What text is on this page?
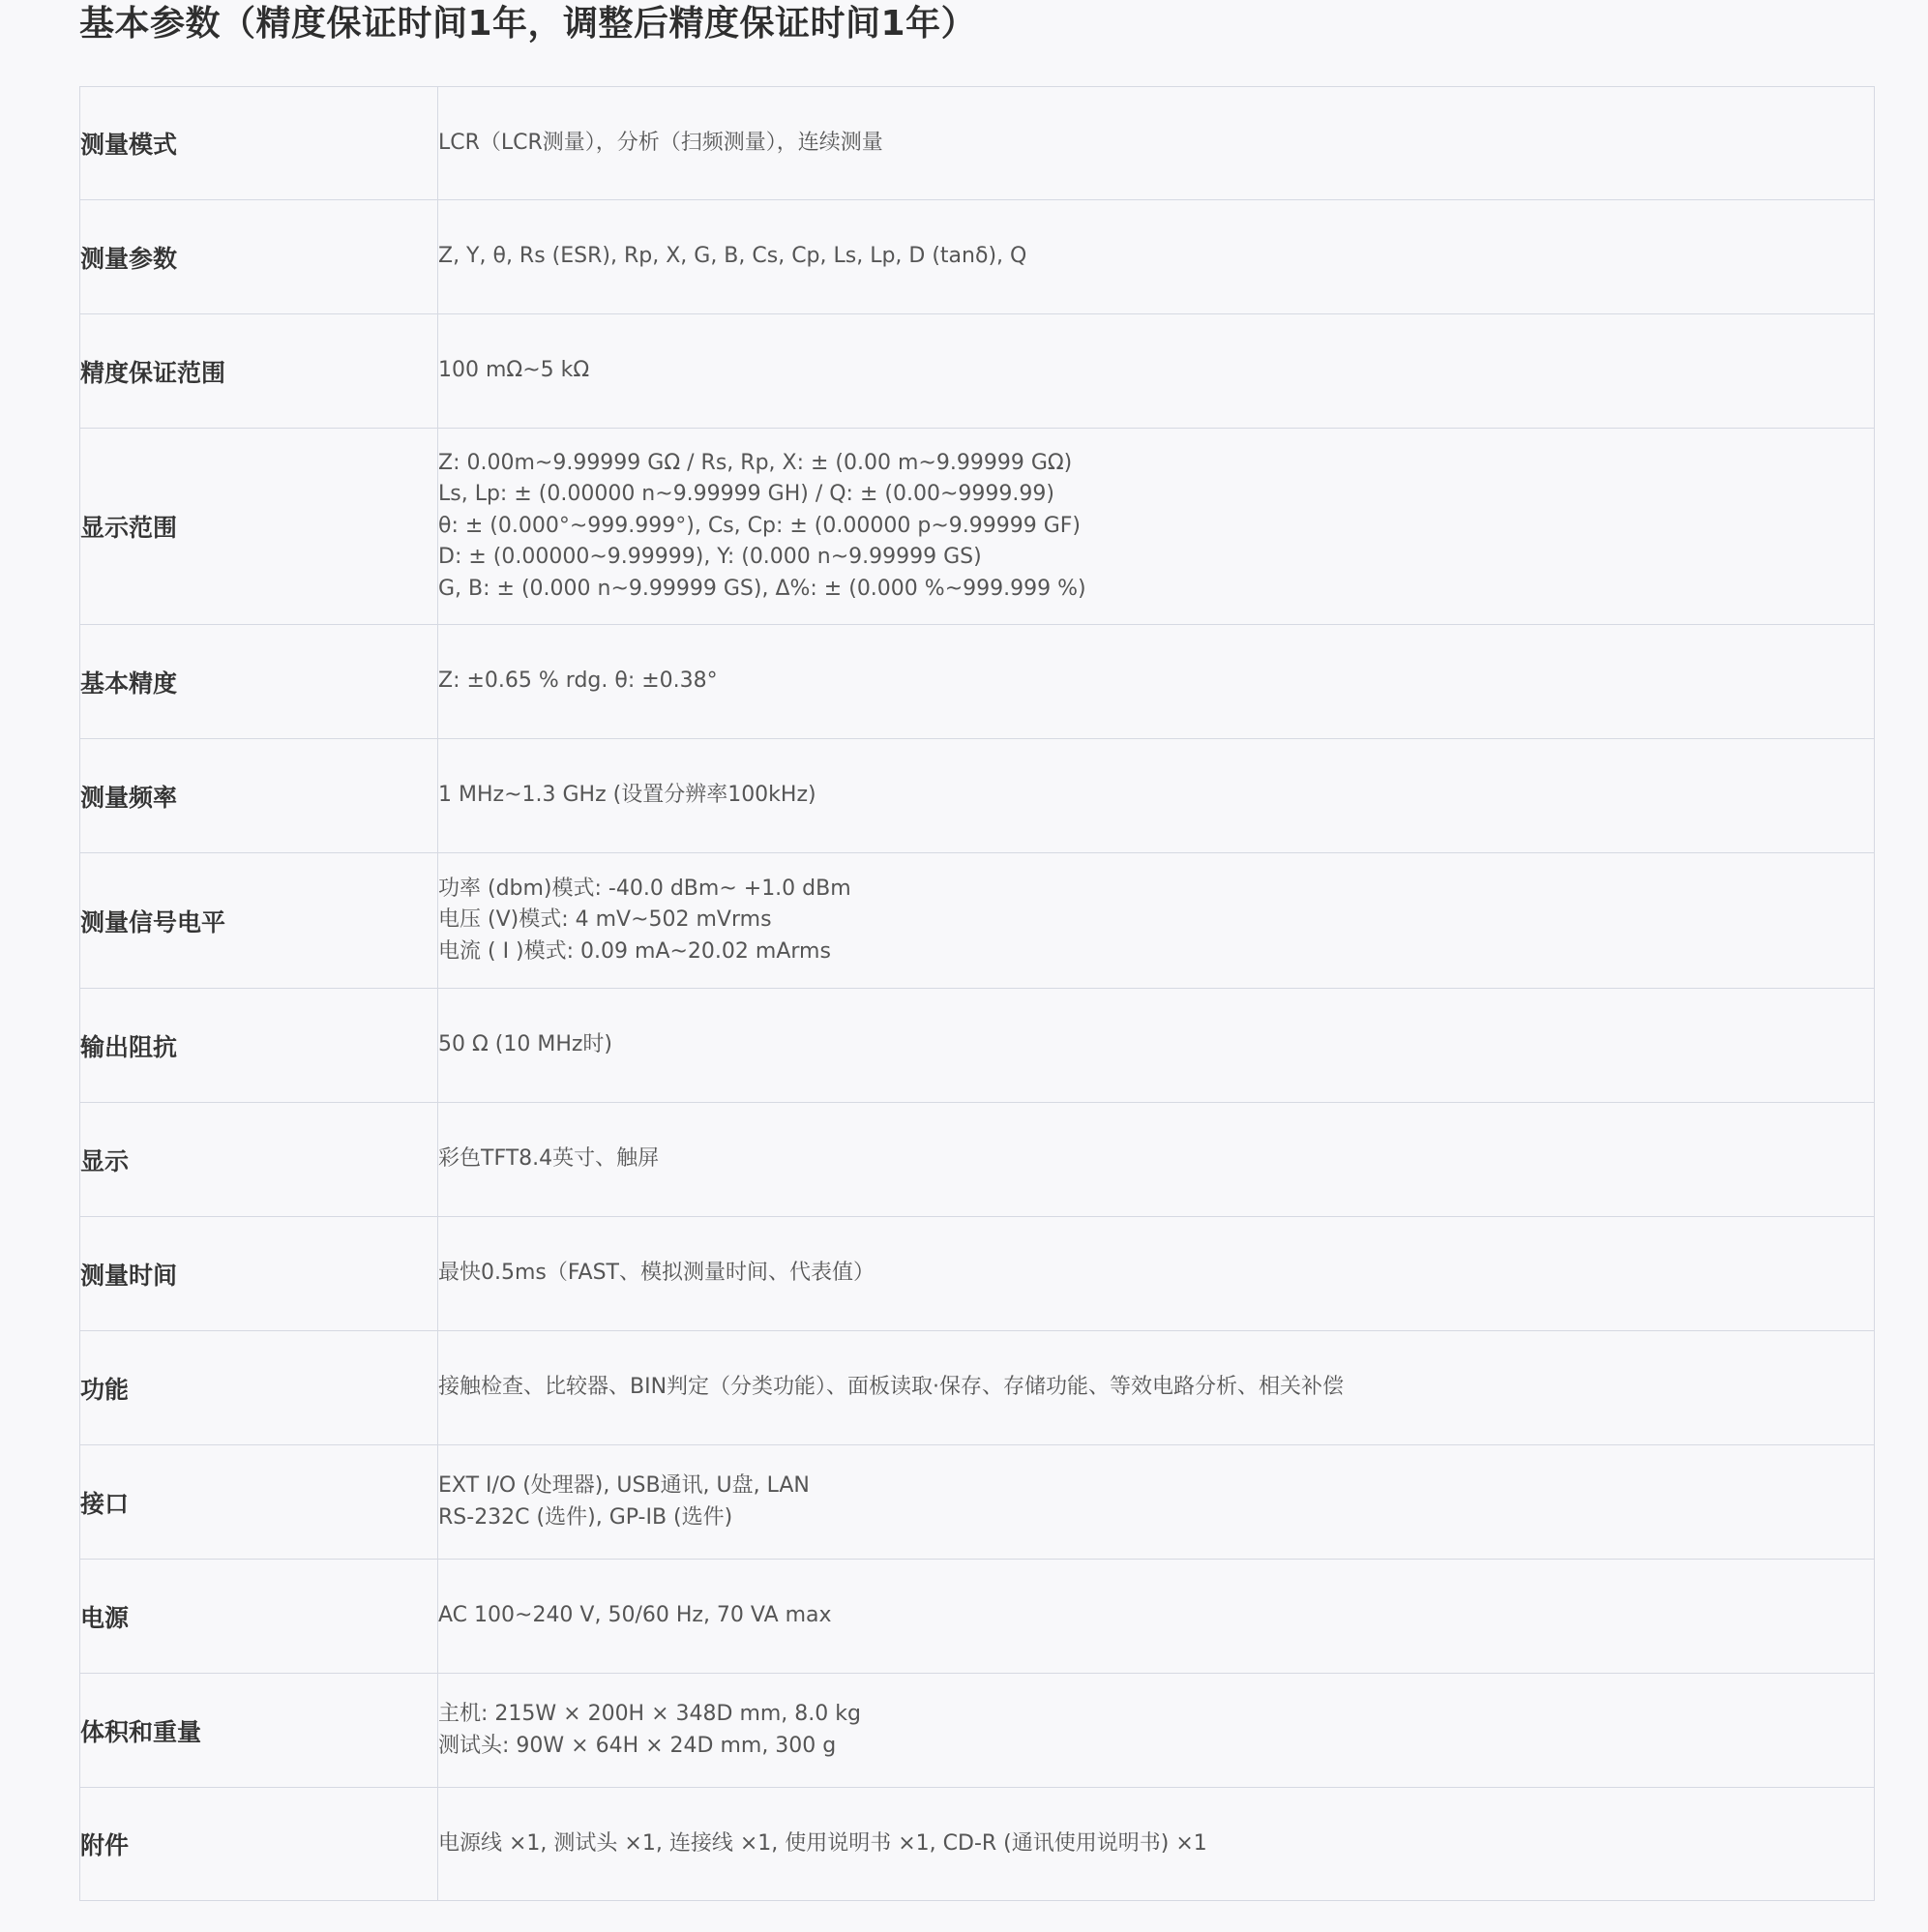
基本参数（精度保证时间1年，调整后精度保证时间1年）
测量模式	LCR（LCR测量），分析（扫频测量），连续测量

测量参数	Z, Y, θ, Rs (ESR), Rp, X, G, B, Cs, Cp, Ls, Lp, D (tanδ), Q

精度保证范围	100 mΩ~5 kΩ

显示范围	Z: 0.00m~9.99999 GΩ / Rs, Rp, X: ± (0.00 m~9.99999 GΩ)
Ls, Lp: ± (0.00000 n~9.99999 GH) / Q: ± (0.00~9999.99)
θ: ± (0.000°~999.999°), Cs, Cp: ± (0.00000 p~9.99999 GF)
D: ± (0.00000~9.99999), Y: (0.000 n~9.99999 GS)
G, B: ± (0.000 n~9.99999 GS), Δ%: ± (0.000 %~999.999 %)

基本精度	Z: ±0.65 % rdg. θ: ±0.38°

测量频率	1 MHz~1.3 GHz (设置分辨率100kHz)

测量信号电平	功率 (dbm)模式: -40.0 dBm~ +1.0 dBm
电压 (V)模式: 4 mV~502 mVrms
电流 ( I )模式: 0.09 mA~20.02 mArms

输出阻抗	50 Ω (10 MHz时)

显示	彩色TFT8.4英寸、触屏

测量时间	最快0.5ms（FAST、模拟测量时间、代表值）

功能	接触检查、比较器、BIN判定（分类功能）、面板读取·保存、存储功能、等效电路分析、相关补偿

接口	EXT I/O (处理器), USB通讯, U盘, LAN
RS-232C (选件), GP-IB (选件)

电源	AC 100~240 V, 50/60 Hz, 70 VA max

体积和重量	主机: 215W × 200H × 348D mm, 8.0 kg
测试头: 90W × 64H × 24D mm, 300 g

附件	电源线 ×1, 测试头 ×1, 连接线 ×1, 使用说明书 ×1, CD-R (通讯使用说明书) ×1
